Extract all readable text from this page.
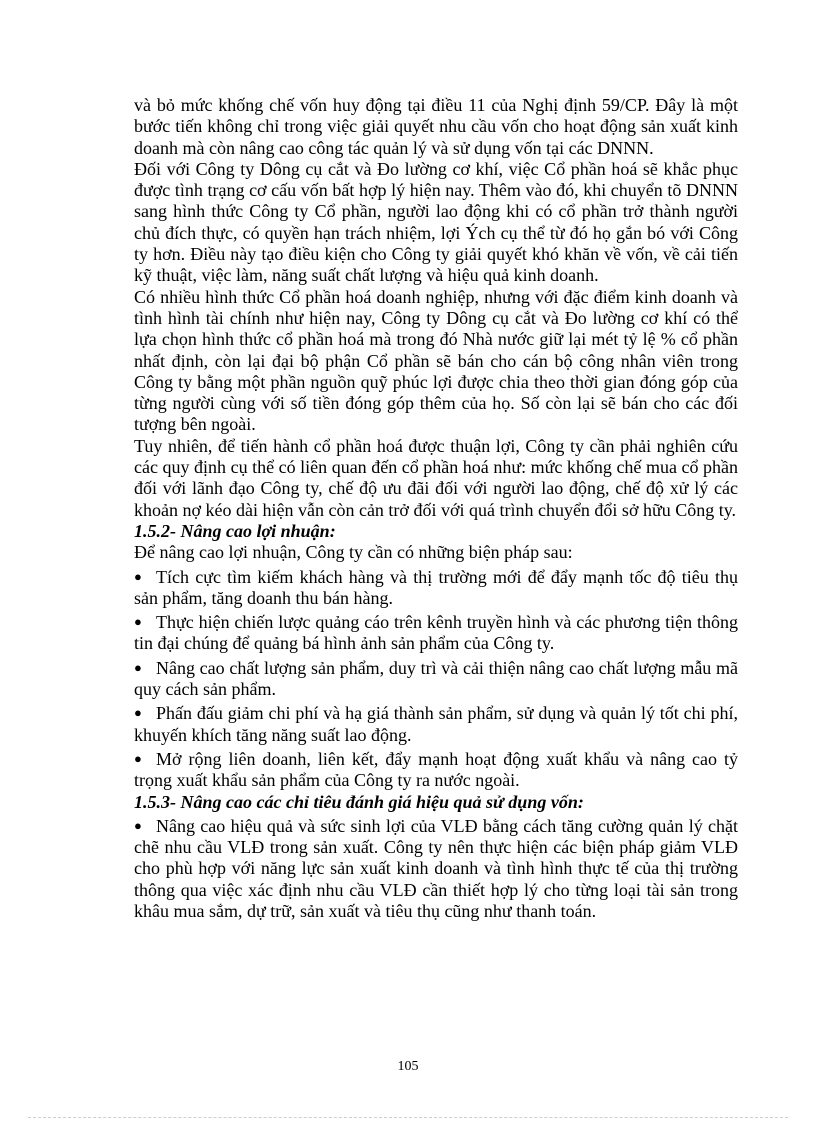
và bỏ mức khống chế vốn huy động tại điều 11 của Nghị định 59/CP. Đây là một bước tiến không chỉ trong việc giải quyết nhu cầu vốn cho hoạt động sản xuất kinh doanh mà còn nâng cao công tác quản lý và sử dụng vốn tại các DNNN.

Đối với Công ty Dông cụ cắt và Đo lường cơ khí, việc Cổ phần hoá sẽ khắc phục được tình trạng cơ cấu vốn bất hợp lý hiện nay. Thêm vào đó, khi chuyển tõ DNNN sang hình thức Công ty Cổ phần, người lao động khi có cổ phần trở thành người chủ đích thực, có quyền hạn trách nhiệm, lợi Ých cụ thể từ đó họ gắn bó với Công ty hơn. Điều này tạo điều kiện cho Công ty giải quyết khó khăn về vốn, về cải tiến kỹ thuật, việc làm, năng suất chất lượng và hiệu quả kinh doanh.

Có nhiều hình thức Cổ phần hoá doanh nghiệp, nhưng với đặc điểm kinh doanh và tình hình tài chính như hiện nay, Công ty Dông cụ cắt và Đo lường cơ khí có thể lựa chọn hình thức cổ phần hoá mà trong đó Nhà nước giữ lại mét tỷ lệ % cổ phần nhất định, còn lại đại bộ phận Cổ phần sẽ bán cho cán bộ công nhân viên trong Công ty bằng một phần nguồn quỹ phúc lợi được chia theo thời gian đóng góp của từng người cùng với số tiền đóng góp thêm của họ. Số còn lại sẽ bán cho các đối tượng bên ngoài.

Tuy nhiên, để tiến hành cổ phần hoá được thuận lợi, Công ty cần phải nghiên cứu các quy định cụ thể có liên quan đến cổ phần hoá như: mức khống chế mua cổ phần đối với lãnh đạo Công ty, chế độ ưu đãi đối với người lao động, chế độ xử lý các khoản nợ kéo dài hiện vẫn còn cản trở đối với quá trình chuyển đổi sở hữu Công ty.

1.5.2- Nâng cao lợi nhuận:

Để nâng cao lợi nhuận, Công ty cần có những biện pháp sau:

● Tích cực tìm kiếm khách hàng và thị trường mới để đẩy mạnh tốc độ tiêu thụ sản phẩm, tăng doanh thu bán hàng.

● Thực hiện chiến lược quảng cáo trên kênh truyền hình và các phương tiện thông tin đại chúng để quảng bá hình ảnh sản phẩm của Công ty.

● Nâng cao chất lượng sản phẩm, duy trì và cải thiện nâng cao chất lượng mẫu mã quy cách sản phẩm.

● Phấn đấu giảm chi phí và hạ giá thành sản phẩm, sử dụng và quản lý tốt chi phí, khuyến khích tăng năng suất lao động.

● Mở rộng liên doanh, liên kết, đẩy mạnh hoạt động xuất khẩu và nâng cao tỷ trọng xuất khẩu sản phẩm của Công ty ra nước ngoài.

1.5.3- Nâng cao các chỉ tiêu đánh giá hiệu quả sử dụng vốn:

● Nâng cao hiệu quả và sức sinh lợi của VLĐ bằng cách tăng cường quản lý chặt chẽ nhu cầu VLĐ trong sản xuất. Công ty nên thực hiện các biện pháp giảm VLĐ cho phù hợp với năng lực sản xuất kinh doanh và tình hình thực tế của thị trường thông qua việc xác định nhu cầu VLĐ cần thiết hợp lý cho từng loại tài sản trong khâu mua sắm, dự trữ, sản xuất và tiêu thụ cũng như thanh toán.

105
